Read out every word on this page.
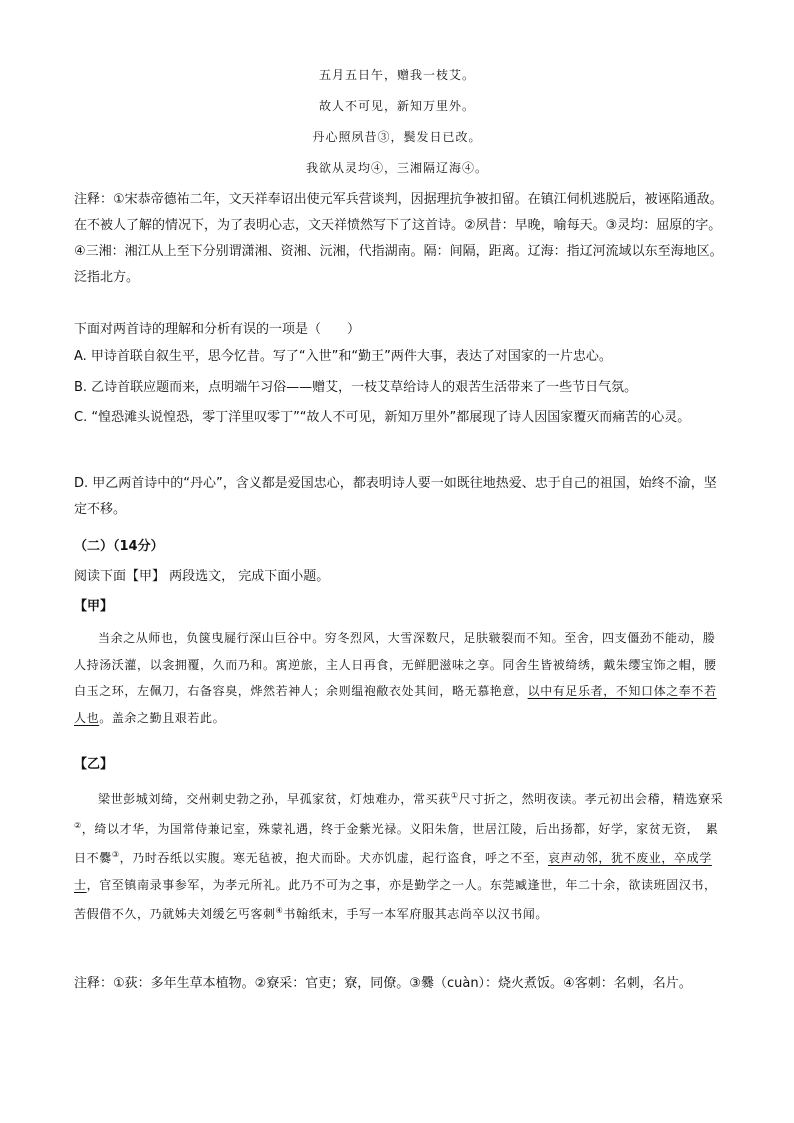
五月五日午，赠我一枝艾。

故人不可见，新知万里外。

丹心照夙昔③，鬓发日已改。

我欲从灵均④，三湘隔辽海④。

注释：①宋恭帝德祐二年，文天祥奉诏出使元军兵营谈判，因据理抗争被扣留。在镇江伺机逃脱后，被诬陷通敌。在不被人了解的情况下，为了表明心志，文天祥愤然写下了这首诗。②夙昔：早晚，喻每天。③灵均：屈原的字。④三湘：湘江从上至下分别谓潇湘、资湘、沅湘，代指湖南。隔：间隔，距离。辽海：指辽河流域以东至海地区。泛指北方。

下面对两首诗的理解和分析有误的一项是（　　）

A. 甲诗首联自叙生平，思今忆昔。写了“入世”和“勤王”两件大事，表达了对国家的一片忠心。

B. 乙诗首联应题而来，点明端午习俗——赠艾，一枝艾草给诗人的艰苦生活带来了一些节日气氛。

C. “惶恐滩头说惶恐，零丁洋里叹零丁”“故人不可见，新知万里外”都展现了诗人因国家覆灭而痛苦的心灵。

D. 甲乙两首诗中的“丹心”，含义都是爱国忠心，都表明诗人要一如既往地热爱、忠于自己的祖国，始终不渝，坚定不移。

（二）（14分）

阅读下面【甲】 两段选文， 完成下面小题。

【甲】

当余之从师也，负箧曳屣行深山巨谷中。穷冬烈风，大雪深数尺，足肤皲裂而不知。至舍，四支僵劲不能动，媵人持汤沃灌，以衾拥覆，久而乃和。寓逆旅，主人日再食，无鲜肥滋味之享。同舍生皆被绮绣，戴朱缨宝饰之帽，腰白玉之环，左佩刀，右备容臭，烨然若神人；余则缊袍敝衣处其间，略无慕艳意，以中有足乐者，不知口体之奉不若人也。盖余之勤且艰若此。

【乙】

梁世彭城刘绮，交州刺史勃之孙，早孤家贫，灯烛难办，常买荻①尺寸折之，然明夜读。孝元初出会稽，精选寮采②，绮以才华，为国常侍兼记室，殊蒙礼遇，终于金紫光禄。义阳朱詹，世居江陵，后出扬都，好学，家贫无资，　累日不爨③，乃时吞纸以实腹。寒无毡被，抱犬而卧。犬亦饥虚，起行盗食，呼之不至，哀声动邻，犹不废业，卒成学士，官至镇南录事参军，为孝元所礼。此乃不可为之事，亦是勤学之一人。东莞臧逢世，年二十余，欲读班固汉书，苦假借不久，乃就姊夫刘缓乞丐客刺④书翰纸末，手写一本军府服其志尚卒以汉书闻。

注释：①荻：多年生草本植物。②寮采：官吏；寮，同僚。③爨（cuàn）：烧火煮饭。④客刺：名刺，名片。
